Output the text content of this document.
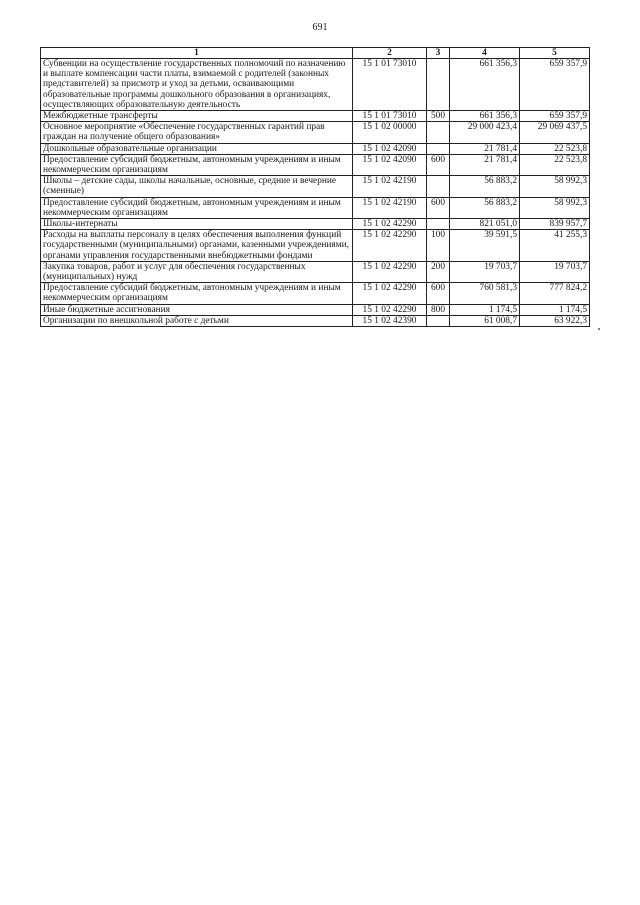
691
1	2	3	4	5
Субвенции на осуществление государственных полномочий по назначению и выплате компенсации части платы, взимаемой с родителей (законных представителей) за присмотр и уход за детьми, осваивающими образовательные программы дошкольного образования в организациях, осуществляющих образовательную деятельность	15 1 01 73010		661 356,3	659 357,9
Межбюджетные трансферты	15 1 01 73010	500	661 356,3	659 357,9
Основное мероприятие «Обеспечение государственных гарантий прав граждан на получение общего образования»	15 1 02 00000		29 000 423,4	29 069 437,5
Дошкольные образовательные организации	15 1 02 42090		21 781,4	22 523,8
Предоставление субсидий бюджетным, автономным учреждениям и иным некоммерческим организациям	15 1 02 42090	600	21 781,4	22 523,8
Школы – детские сады, школы начальные, основные, средние и вечерние (сменные)	15 1 02 42190		56 883,2	58 992,3
Предоставление субсидий бюджетным, автономным учреждениям и иным некоммерческим организациям	15 1 02 42190	600	56 883,2	58 992,3
Школы-интернаты	15 1 02 42290		821 051,0	839 957,7
Расходы на выплаты персоналу в целях обеспечения выполнения функций государственными (муниципальными) органами, казенными учреждениями, органами управления государственными внебюджетными фондами	15 1 02 42290	100	39 591,5	41 255,3
Закупка товаров, работ и услуг для обеспечения государственных (муниципальных) нужд	15 1 02 42290	200	19 703,7	19 703,7
Предоставление субсидий бюджетным, автономным учреждениям и иным некоммерческим организациям	15 1 02 42290	600	760 581,3	777 824,2
Иные бюджетные ассигнования	15 1 02 42290	800	1 174,5	1 174,5
Организации по внешкольной работе с детьми	15 1 02 42390		61 008,7	63 922,3
